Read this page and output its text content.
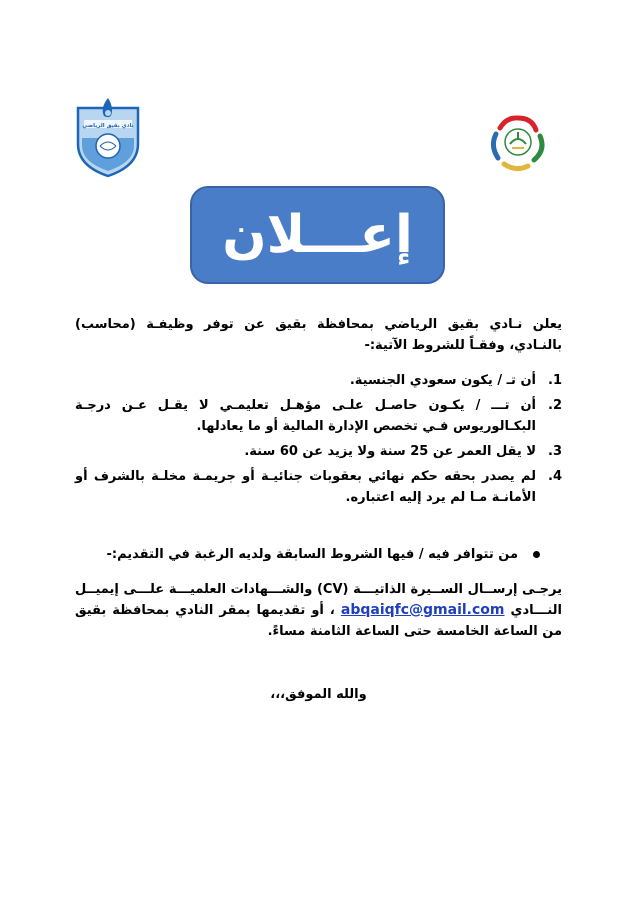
نادي بقيق الرياضي
إعـــلان

يعلن نـادي بقيق الرياضي بمحافظة بقيق عن توفر وظيفـة (محاسب) بالنـادي، وفقـاً للشروط الآتية:-

.1
أن تـ / يكون سعودي الجنسية.
.2
أن تـــ / يكـون حاصـل علـى مؤهـل تعليمـي لا يقـل عـن درجـة البكـالوريوس فـي تخصص الإدارة المالية أو ما يعادلها.
.3
لا يقل العمر عن 25 سنة ولا يزيد عن 60 سنة.
.4
لم يصدر بحقه حكم نهائي بعقوبات جنائيـة أو جريمـة مخلـة بالشرف أو الأمانـة مـا لم يرد إليه اعتباره.

من تتوافر فيه / فيها الشروط السابقة ولديه الرغبة في التقديم:-

يرجـى إرســال الســيرة الذاتيـــة (CV) والشـــهادات العلميـــة علـــى إيميــل النـــادي abqaiqfc@gmail.com ، أو تقديمها بمقر النادي بمحافظة بقيق من الساعة الخامسة حتى الساعة الثامنة مساءً.

والله الموفق،،،
